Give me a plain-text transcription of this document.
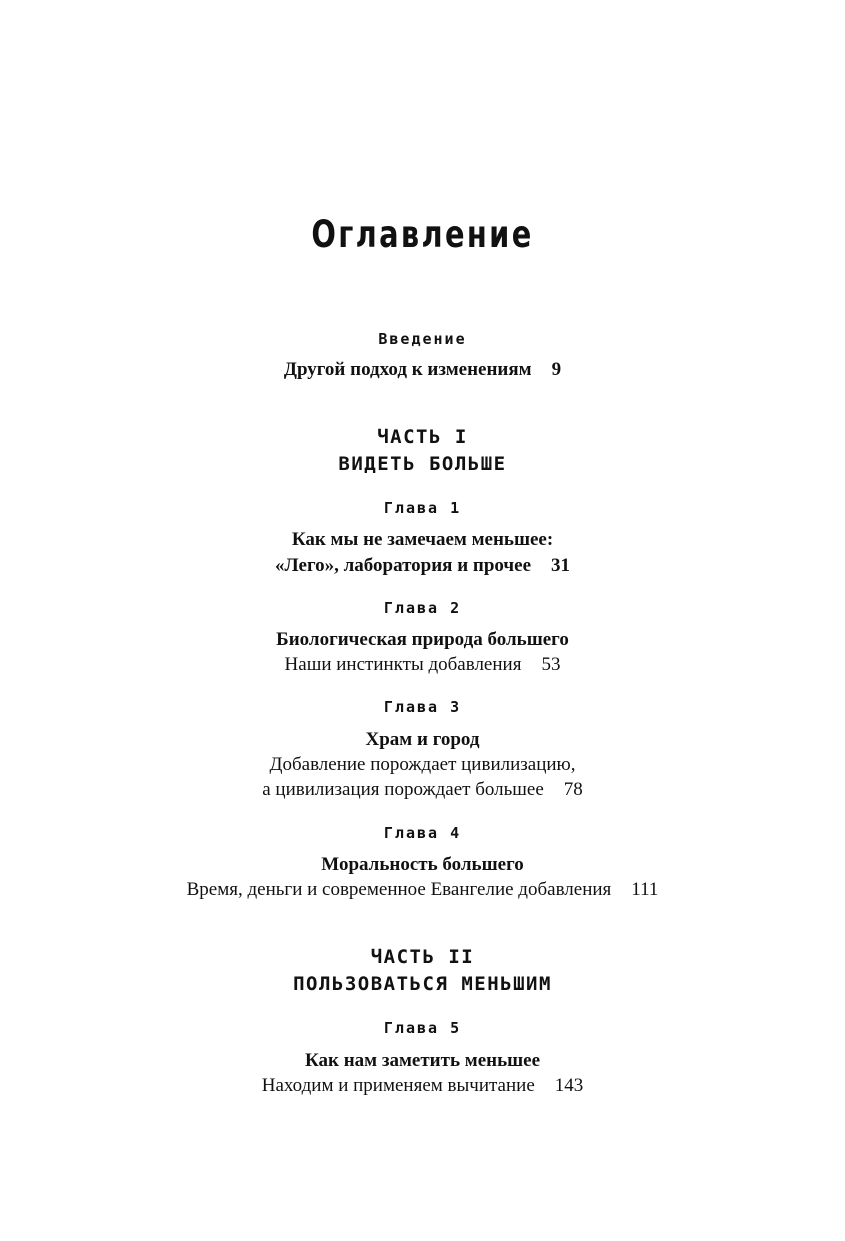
Оглавление
Введение
Другой подход к изменениям 9
ЧАСТЬ I
ВИДЕТЬ БОЛЬШЕ
Глава 1
Как мы не замечаем меньшее:
«Лего», лаборатория и прочее 31
Глава 2
Биологическая природа большего
Наши инстинкты добавления 53
Глава 3
Храм и город
Добавление порождает цивилизацию,
а цивилизация порождает большее 78
Глава 4
Моральность большего
Время, деньги и современное Евангелие добавления 111
ЧАСТЬ II
ПОЛЬЗОВАТЬСЯ МЕНЬШИМ
Глава 5
Как нам заметить меньшее
Находим и применяем вычитание 143
